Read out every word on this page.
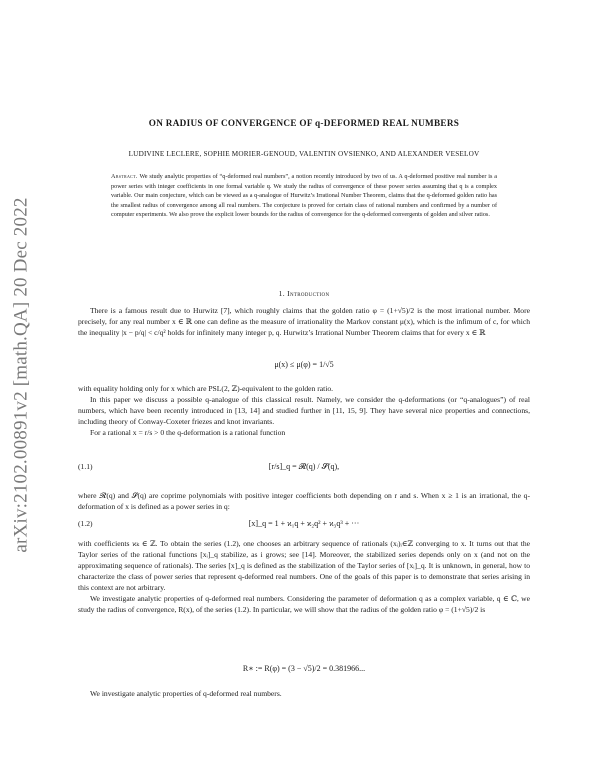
arXiv:2102.00891v2 [math.QA] 20 Dec 2022
ON RADIUS OF CONVERGENCE OF q-DEFORMED REAL NUMBERS
LUDIVINE LECLERE, SOPHIE MORIER-GENOUD, VALENTIN OVSIENKO, AND ALEXANDER VESELOV
Abstract. We study analytic properties of “q-deformed real numbers”, a notion recently introduced by two of us. A q-deformed positive real number is a power series with integer coefficients in one formal variable q. We study the radius of convergence of these power series assuming that q is a complex variable. Our main conjecture, which can be viewed as a q-analogue of Hurwitz’s Irrational Number Theorem, claims that the q-deformed golden ratio has the smallest radius of convergence among all real numbers. The conjecture is proved for certain class of rational numbers and confirmed by a number of computer experiments. We also prove the explicit lower bounds for the radius of convergence for the q-deformed convergents of golden and silver ratios.
1. Introduction

There is a famous result due to Hurwitz [7], which roughly claims that the golden ratio φ = (1+√5)/2 is the most irrational number. More precisely, for any real number x ∈ ℝ one can define as the measure of irrationality the Markov constant μ(x), which is the infimum of c, for which the inequality |x − p/q| < c/q² holds for infinitely many integer p, q. Hurwitz’s Irrational Number Theorem claims that for every x ∈ ℝ

μ(x) ≤ μ(φ) = 1/√5

with equality holding only for x which are PSL(2, ℤ)-equivalent to the golden ratio.

In this paper we discuss a possible q-analogue of this classical result. Namely, we consider the q-deformations (or “q-analogues”) of real numbers, which have been recently introduced in [13, 14] and studied further in [11, 15, 9]. They have several nice properties and connections, including theory of Conway-Coxeter friezes and knot invariants.

For a rational x = r/s > 0 the q-deformation is a rational function

(1.1)	[r/s]_q = 𝓡(q) / 𝓢(q),

where 𝓡(q) and 𝓢(q) are coprime polynomials with positive integer coefficients both depending on r and s. When x ≥ 1 is an irrational, the q-deformation of x is defined as a power series in q:

(1.2)	[x]_q = 1 + ϰ₁q + ϰ₂q² + ϰ₃q³ + ···

with coefficients ϰₖ ∈ ℤ. To obtain the series (1.2), one chooses an arbitrary sequence of rationals (xᵢ)ᵢ∈ℤ converging to x. It turns out that the Taylor series of the rational functions [xᵢ]_q stabilize, as i grows; see [14]. Moreover, the stabilized series depends only on x (and not on the approximating sequence of rationals). The series [x]_q is defined as the stabilization of the Taylor series of [xᵢ]_q. It is unknown, in general, how to characterize the class of power series that represent q-deformed real numbers. One of the goals of this paper is to demonstrate that series arising in this context are not arbitrary.

We investigate analytic properties of q-deformed real numbers. Considering the parameter of deformation q as a complex variable, q ∈ ℂ, we study the radius of convergence, R(x), of the series (1.2). In particular, we will show that the radius of the golden ratio φ = (1+√5)/2 is

R∗ := R(φ) = (3 − √5)/2 = 0.381966...

We investigate analytic properties of q-deformed real numbers.
